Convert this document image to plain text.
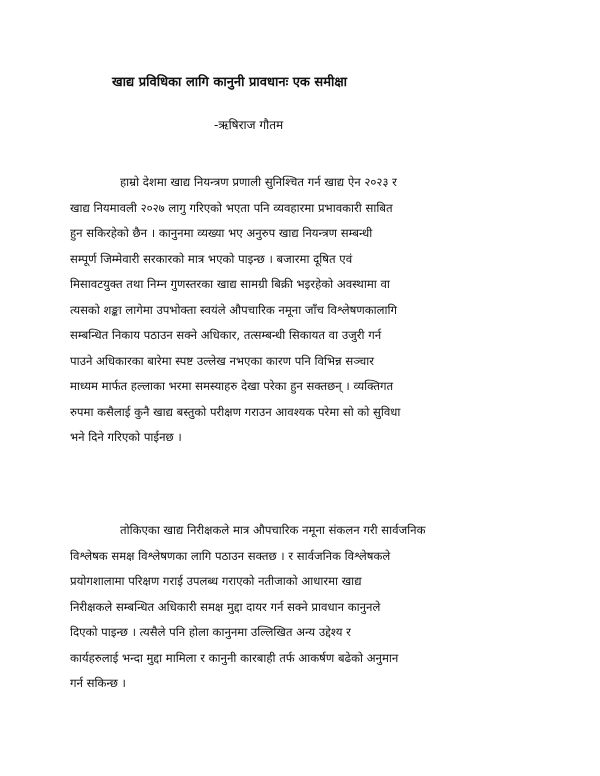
खाद्य प्रविधिका लागि कानुनी प्रावधानः एक समीक्षा
-ऋषिराज गौतम
हाम्रो देशमा खाद्य नियन्त्रण प्रणाली सुनिश्चित गर्न खाद्य ऐन २०२३ र
खाद्य नियमावली २०२७ लागु गरिएको भएता पनि व्यवहारमा प्रभावकारी साबित
हुन सकिरहेको छैन । कानुनमा व्यख्या भए अनुरुप खाद्य नियन्त्रण सम्बन्धी
सम्पूर्ण जिम्मेवारी सरकारको मात्र भएको पाइन्छ । बजारमा दूषित एवं
मिसावटयुक्त तथा निम्न गुणस्तरका खाद्य सामग्री बिक्री भइरहेको अवस्थामा वा
त्यसको शङ्का लागेमा उपभोक्ता स्वयंले औपचारिक नमूना जाँच विश्लेषणकालागि
सम्बन्धित निकाय पठाउन सक्ने अधिकार, तत्सम्बन्धी सिकायत वा उजुरी गर्न
पाउने अधिकारका बारेमा स्पष्ट उल्लेख नभएका कारण पनि विभिन्न सञ्चार
माध्यम मार्फत हल्लाका भरमा समस्याहरु देखा परेका हुन सक्तछन् । व्यक्तिगत
रुपमा कसैलाई कुनै खाद्य बस्तुको परीक्षण गराउन आवश्यक परेमा सो को सुविधा
भने दिने गरिएको पाईनछ ।
तोकिएका खाद्य निरीक्षकले मात्र औपचारिक नमूना संकलन गरी सार्वजनिक
विश्लेषक समक्ष विश्लेषणका लागि पठाउन सक्तछ । र सार्वजनिक विश्लेषकले
प्रयोगशालामा परिक्षण गराई उपलब्ध गराएको नतीजाको आधारमा खाद्य
निरीक्षकले सम्बन्धित अधिकारी समक्ष मुद्दा दायर गर्न सक्ने प्रावधान कानुनले
दिएको पाइन्छ । त्यसैले पनि होला कानुनमा उल्लिखित अन्य उद्देश्य र
कार्यहरुलाई भन्दा मुद्दा मामिला र कानुनी कारबाही तर्फ आकर्षण बढेको अनुमान
गर्न सकिन्छ ।
